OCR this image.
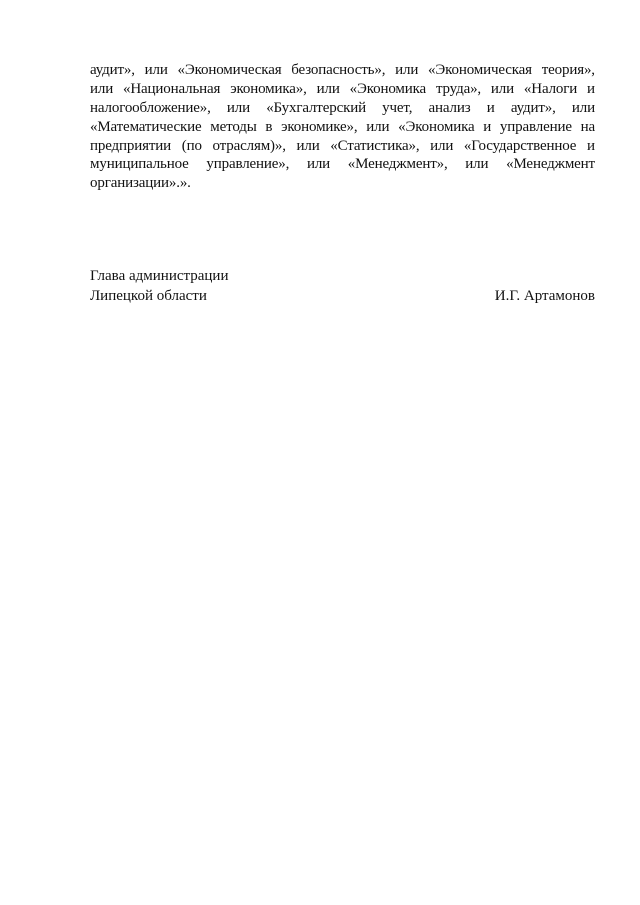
аудит», или «Экономическая безопасность», или «Экономическая теория»,
или «Национальная экономика», или «Экономика труда», или «Налоги и
налогообложение», или «Бухгалтерский учет, анализ и аудит», или
«Математические методы в экономике», или «Экономика и управление на
предприятии (по отраслям)», или «Статистика», или «Государственное и
муниципальное управление», или «Менеджмент», или «Менеджмент
организации».».
Глава администрации
Липецкой области	И.Г. Артамонов
